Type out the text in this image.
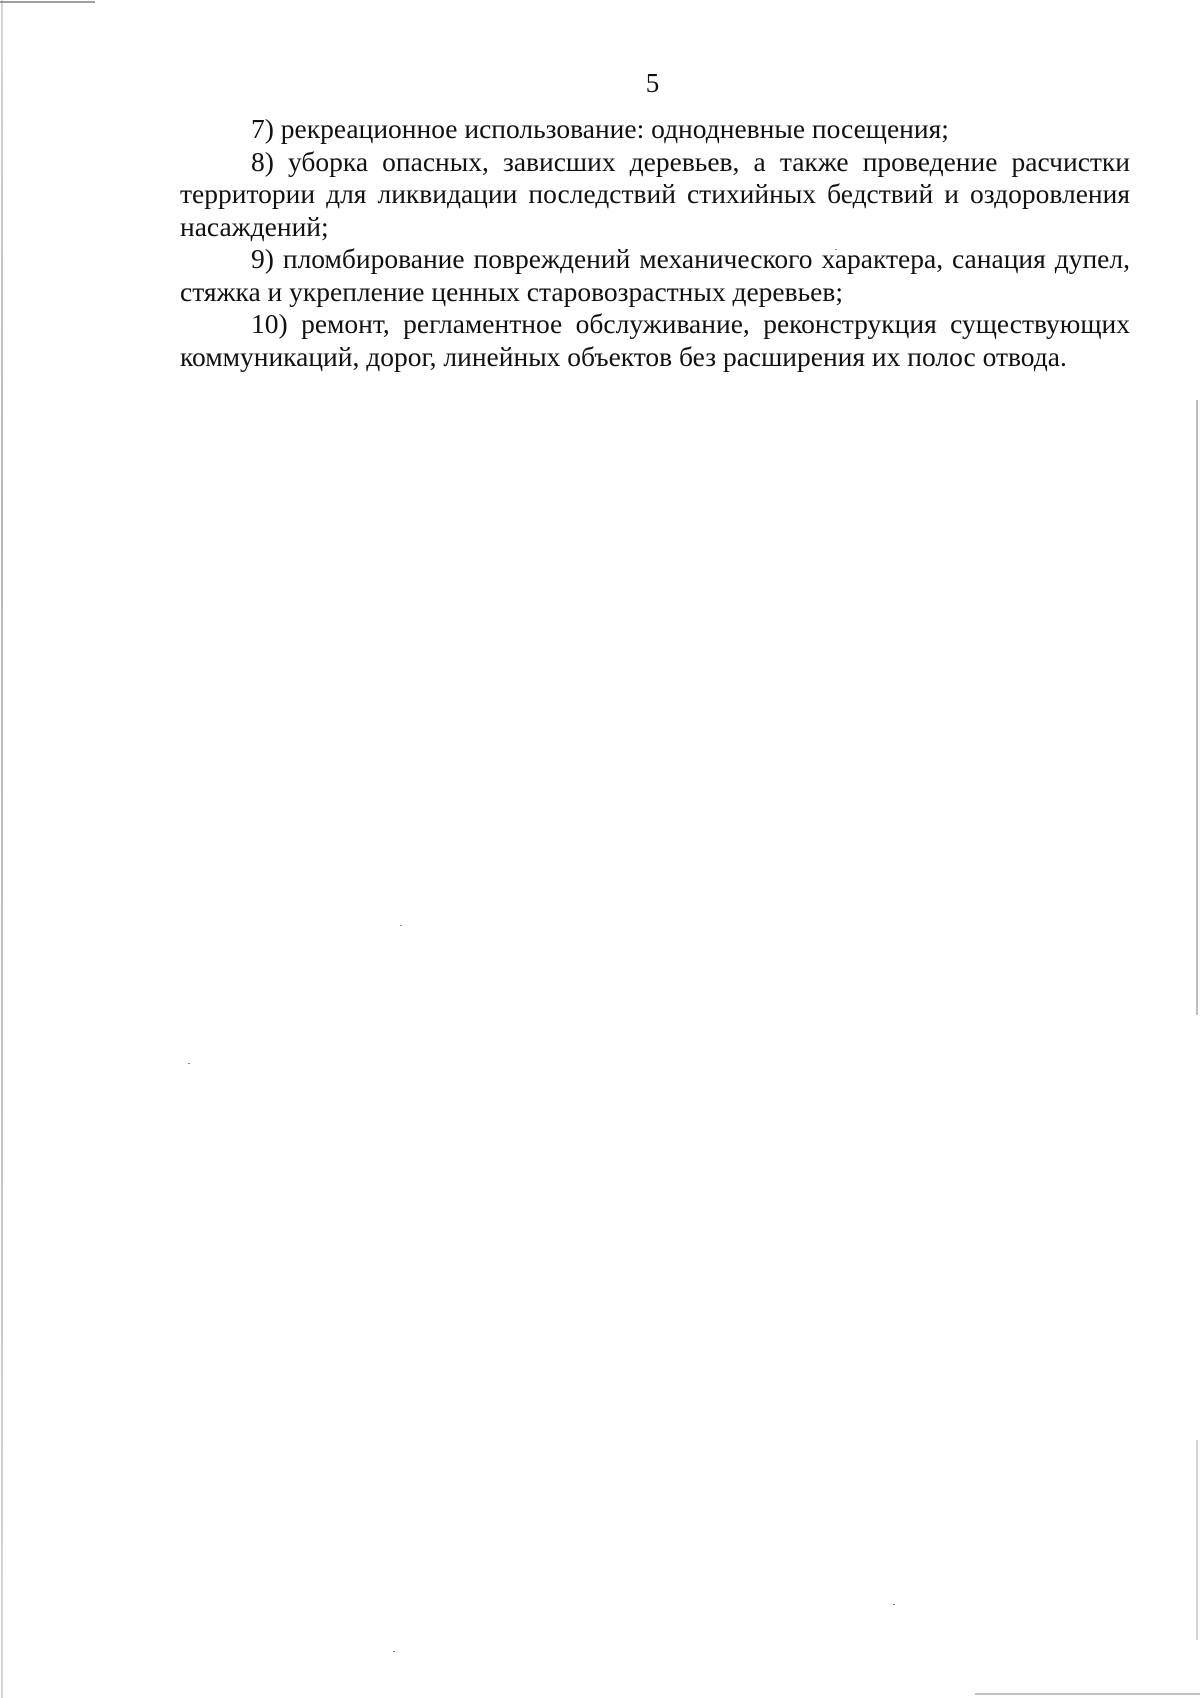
5

7) рекреационное использование: однодневные посещения;

8) уборка опасных, зависших деревьев, а также проведение расчистки территории для ликвидации последствий стихийных бедствий и оздоровления насаждений;

9) пломбирование повреждений механического характера, санация дупел, стяжка и укрепление ценных старовозрастных деревьев;

10) ремонт, регламентное обслуживание, реконструкция существующих коммуникаций, дорог, линейных объектов без расширения их полос отвода.
